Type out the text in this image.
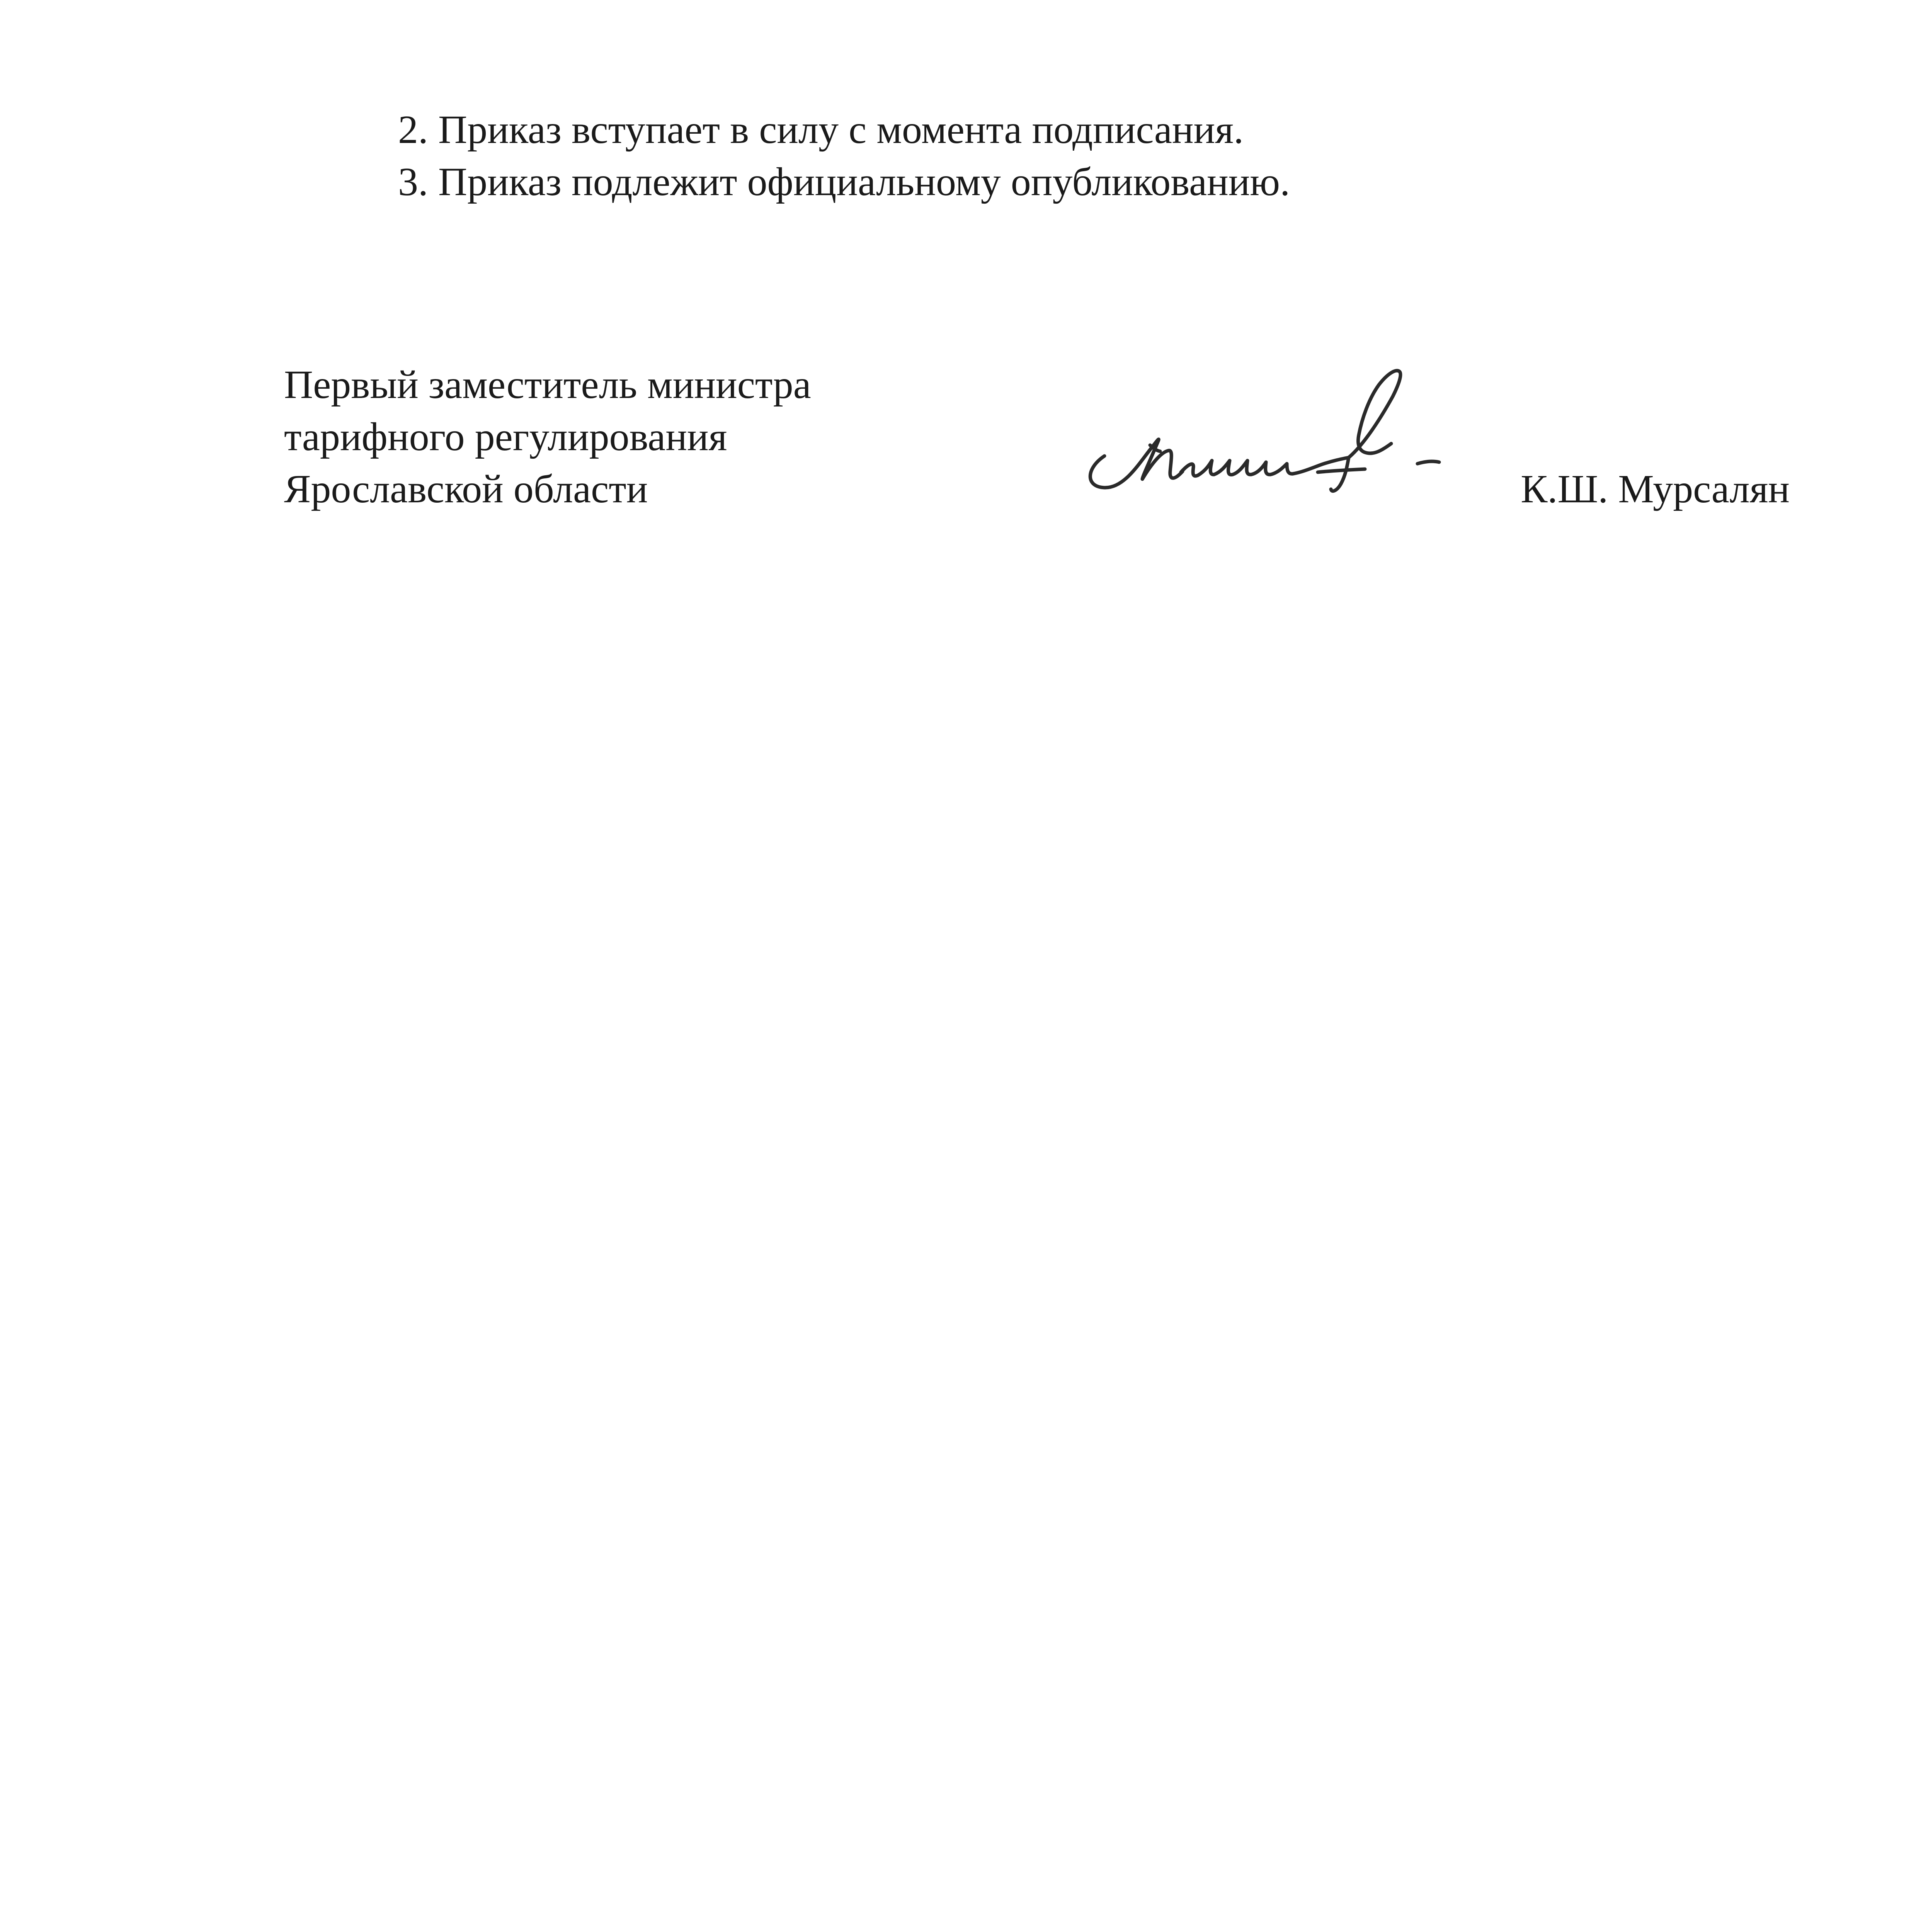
2. Приказ вступает в силу с момента подписания.
3. Приказ подлежит официальному опубликованию.
Первый заместитель министра
тарифного регулирования
Ярославской области	К.Ш. Мурсалян
